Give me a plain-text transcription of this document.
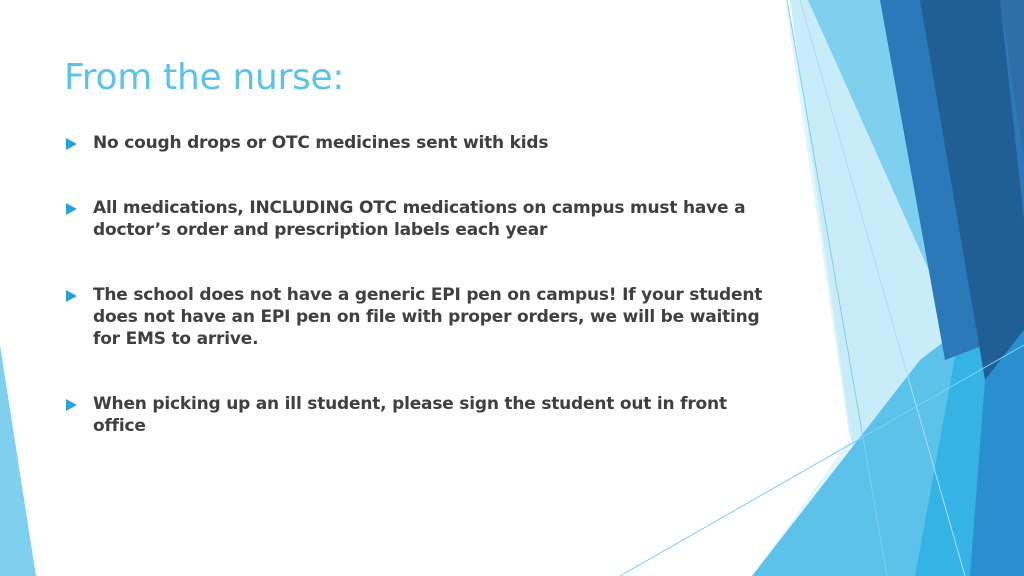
From the nurse:
No cough drops or OTC medicines sent with kids
All medications, INCLUDING OTC medications on campus must have a doctor’s order and prescription labels each year
The school does not have a generic EPI pen on campus! If your student does not have an EPI pen on file with proper orders, we will be waiting for EMS to arrive.
When picking up an ill student, please sign the student out in front office
